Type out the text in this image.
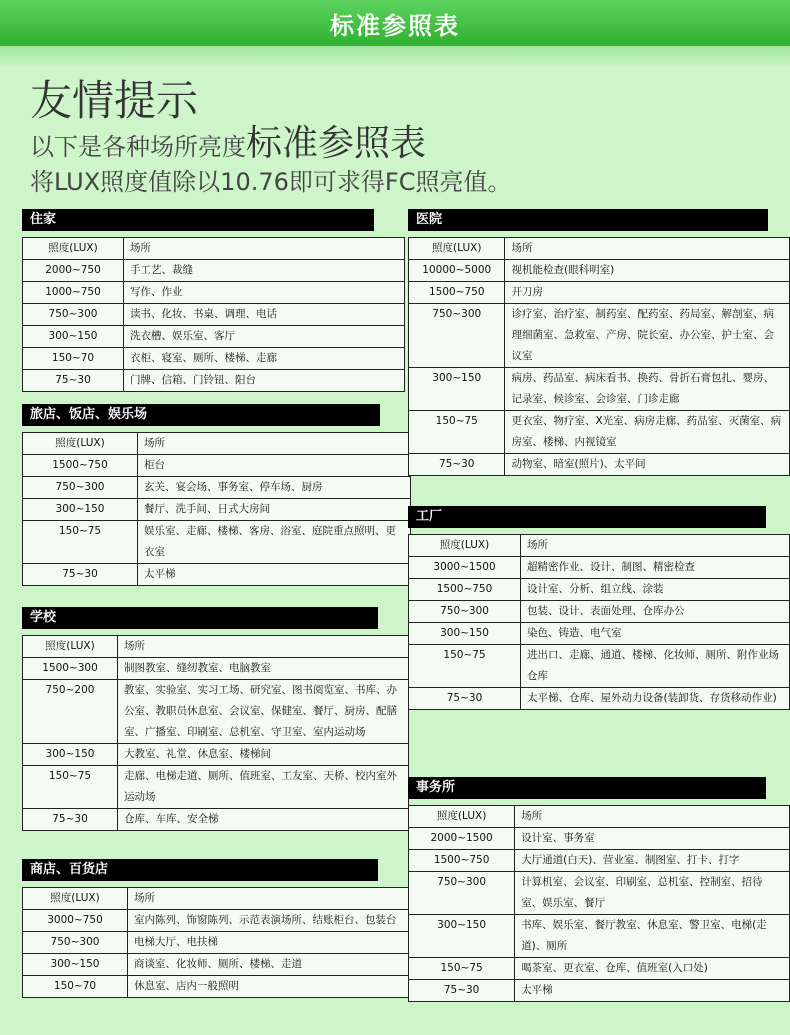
标准参照表
友情提示
以下是各种场所亮度标准参照表
将LUX照度值除以10.76即可求得FC照亮值。
住家
照度(LUX)	场所
2000~750	手工艺、裁缝
1000~750	写作、作业
750~300	读书、化妆、书桌、调理、电话
300~150	洗衣槽、娱乐室、客厅
150~70	衣柜、寝室、厕所、楼梯、走廊
75~30	门牌、信箱、门铃钮、阳台
旅店、饭店、娱乐场
照度(LUX)	场所
1500~750	柜台
750~300	玄关、宴会场、事务室、停车场、厨房
300~150	餐厅、洗手间、日式大房间
150~75	娱乐室、走廊、楼梯、客房、浴室、庭院重点照明、更衣室
75~30	太平梯
学校
照度(LUX)	场所
1500~300	制图教室、缝纫教室、电脑教室
750~200	教室、实验室、实习工场、研究室、图书阅览室、书库、办公室、教职员休息室、会议室、保健室、餐厅、厨房、配膳室、广播室、印刷室、总机室、守卫室、室内运动场
300~150	大教室、礼堂、休息室、楼梯间
150~75	走廊、电梯走道、厕所、值班室、工友室、天桥、校内室外运动场
75~30	仓库、车库、安全梯
商店、百货店
照度(LUX)	场所
3000~750	室内陈列、饰窗陈列、示范表演场所、结账柜台、包装台
750~300	电梯大厅、电扶梯
300~150	商谈室、化妆师、厕所、楼梯、走道
150~70	休息室、店内一般照明
医院
照度(LUX)	场所
10000~5000	视机能检查(眼科明室)
1500~750	开刀房
750~300	诊疗室、治疗室、制药室、配药室、药局室、解剖室、病理细菌室、急救室、产房、院长室、办公室、护士室、会议室
300~150	病房、药品室、病床看书、换药、骨折石膏包扎、婴房、记录室、候诊室、会诊室、门诊走廊
150~75	更衣室、物疗室、X光室、病房走廊、药品室、灭菌室、病房室、楼梯、内视镜室
75~30	动物室、暗室(照片)、太平间
工厂
照度(LUX)	场所
3000~1500	超精密作业、设计、制图、精密检查
1500~750	设计室、分析、组立线、涂装
750~300	包装、设计、表面处理、仓库办公
300~150	染色、铸造、电气室
150~75	进出口、走廊、通道、楼梯、化妆师、厕所、附作业场仓库
75~30	太平梯、仓库、屋外动力设备(装卸货、存货移动作业)
事务所
照度(LUX)	场所
2000~1500	设计室、事务室
1500~750	大厅通道(白天)、营业室、制图室、打卡、打字
750~300	计算机室、会议室、印刷室、总机室、控制室、招待室、娱乐室、餐厅
300~150	书库、娱乐室、餐厅教室、休息室、警卫室、电梯(走道)、厕所
150~75	喝茶室、更衣室、仓库、值班室(入口处)
75~30	太平梯
